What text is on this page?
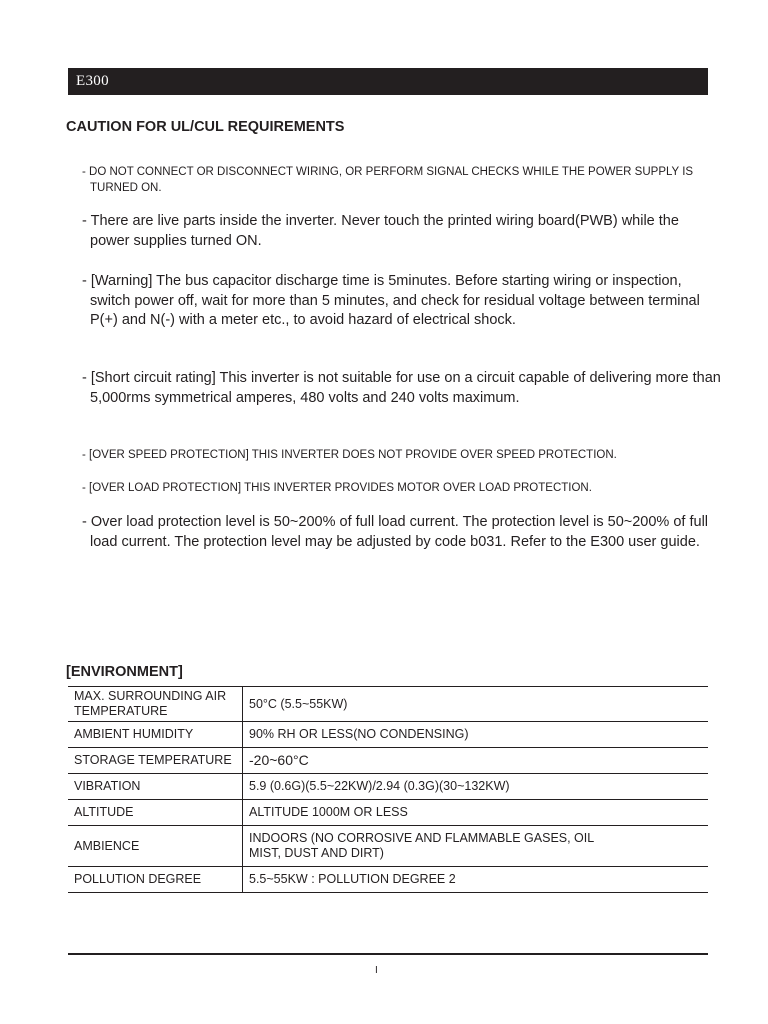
E300
CAUTION FOR UL/CUL REQUIREMENTS

- DO NOT CONNECT OR DISCONNECT WIRING, OR PERFORM SIGNAL CHECKS WHILE THE POWER SUPPLY IS TURNED ON.

- There are live parts inside the inverter. Never touch the printed wiring board(PWB) while the power supplies turned ON.

- [Warning] The bus capacitor discharge time is 5minutes. Before starting wiring or inspection, switch power off, wait for more than 5 minutes, and check for residual voltage between terminal P(+) and N(-) with a meter etc., to avoid hazard of electrical shock.

- [Short circuit rating] This inverter is not suitable for use on a circuit capable of delivering more than 5,000rms symmetrical amperes, 480 volts and 240 volts maximum.

- [OVER SPEED PROTECTION] THIS INVERTER DOES NOT PROVIDE OVER SPEED PROTECTION.

- [OVER LOAD PROTECTION] THIS INVERTER PROVIDES MOTOR OVER LOAD PROTECTION.

- Over load protection level is 50~200% of full load current. The protection level is 50~200% of full load current. The protection level may be adjusted by code b031. Refer to the E300 user guide.

[ENVIRONMENT]
MAX. SURROUNDING AIR TEMPERATURE	50°C (5.5~55KW)
AMBIENT HUMIDITY	90% RH OR LESS(NO CONDENSING)
STORAGE TEMPERATURE	-20~60°C
VIBRATION	5.9 (0.6G)(5.5~22KW)/2.94 (0.3G)(30~132KW)
ALTITUDE	ALTITUDE 1000M OR LESS
AMBIENCE	INDOORS (NO CORROSIVE AND FLAMMABLE GASES, OIL MIST, DUST AND DIRT)
POLLUTION DEGREE	5.5~55KW : POLLUTION DEGREE 2
I
